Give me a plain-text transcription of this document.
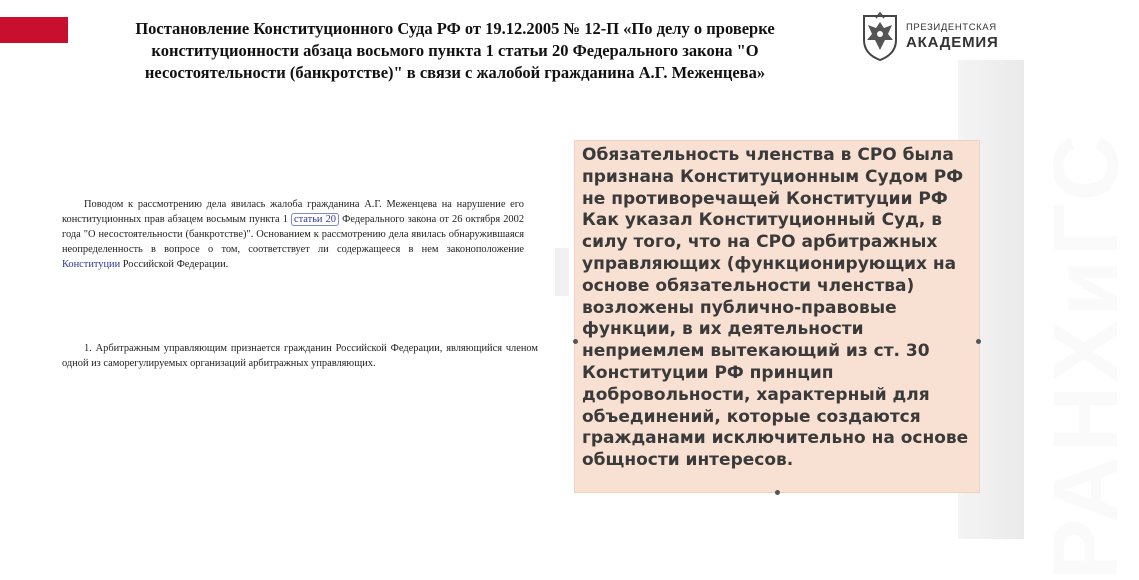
Постановление Конституционного Суда РФ от 19.12.2005 № 12-П «По делу о проверке
конституционности абзаца восьмого пункта 1 статьи 20 Федерального закона "О
несостоятельности (банкротстве)" в связи с жалобой гражданина А.Г. Меженцева»
ПРЕЗИДЕНТСКАЯ
АКАДЕМИЯ
РАНХиГС
Поводом к рассмотрению дела явилась жалоба гражданина А.Г. Меженцева на нарушение его конституционных прав абзацем восьмым пункта 1 статьи 20 Федерального закона от 26 октября 2002 года "О несостоятельности (банкротстве)". Основанием к рассмотрению дела явилась обнаружившаяся неопределенность в вопросе о том, соответствует ли содержащееся в нем законоположение Конституции Российской Федерации.
1. Арбитражным управляющим признается гражданин Российской Федерации, являющийся членом одной из саморегулируемых организаций арбитражных управляющих.
Обязательность членства в СРО была
признана Конституционным Судом РФ
не противоречащей Конституции РФ
Как указал Конституционный Суд, в
силу того, что на СРО арбитражных
управляющих (функционирующих на
основе обязательности членства)
возложены публично-правовые
функции, в их деятельности
неприемлем вытекающий из ст. 30
Конституции РФ принцип
добровольности, характерный для
объединений, которые создаются
гражданами исключительно на основе
общности интересов.
